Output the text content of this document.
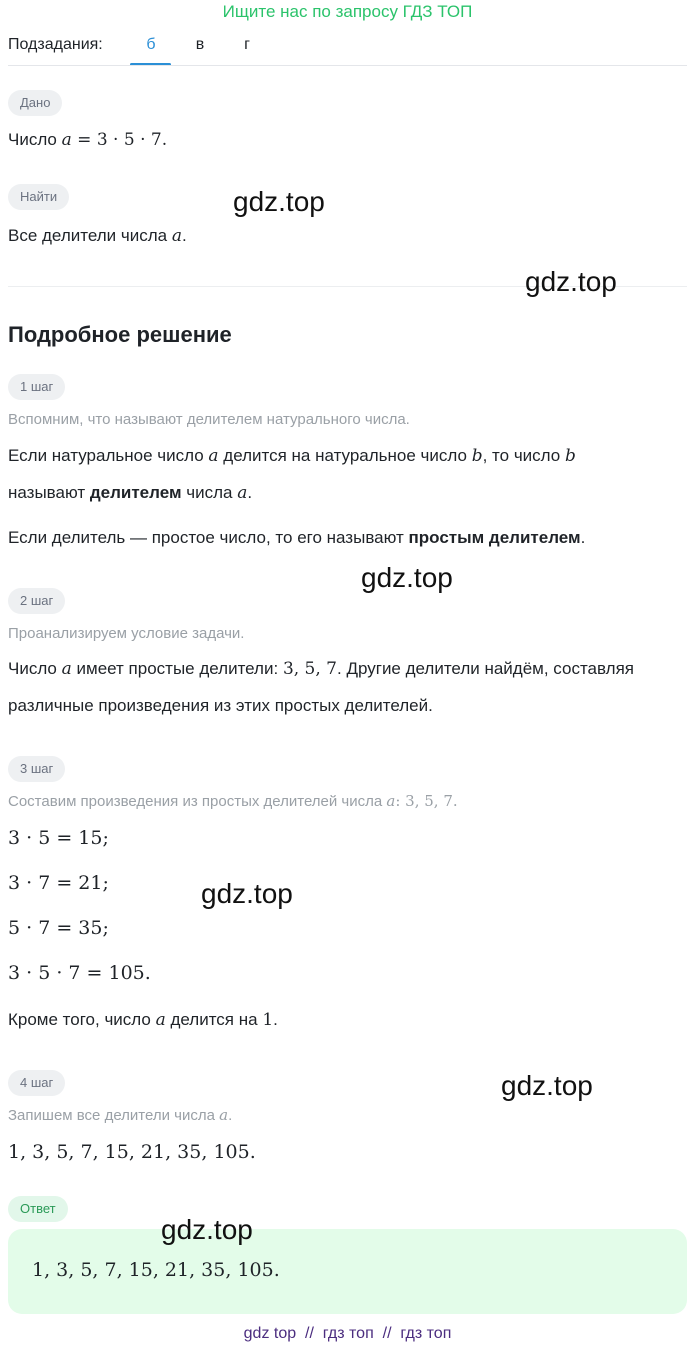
Ищите нас по запросу ГДЗ ТОП
Подзадания:	б	в	г
Дано
Число a = 3 · 5 · 7.
Найти
Все делители числа a.
Подробное решение
1 шаг
Вспомним, что называют делителем натурального числа.
Если натуральное число a делится на натуральное число b, то число b
называют делителем числа a.
Если делитель — простое число, то его называют простым делителем.
2 шаг
Проанализируем условие задачи.
Число a имеет простые делители: 3, 5, 7. Другие делители найдём, составляя
различные произведения из этих простых делителей.
3 шаг
Составим произведения из простых делителей числа a: 3, 5, 7.
3 · 5 = 15;
3 · 7 = 21;
5 · 7 = 35;
3 · 5 · 7 = 105.
Кроме того, число a делится на 1.
4 шаг
Запишем все делители числа a.
1, 3, 5, 7, 15, 21, 35, 105.
Ответ
1, 3, 5, 7, 15, 21, 35, 105.
gdz.top
gdz.top
gdz.top
gdz.top
gdz.top
gdz.top
gdz top  //  гдз топ  //  гдз топ
